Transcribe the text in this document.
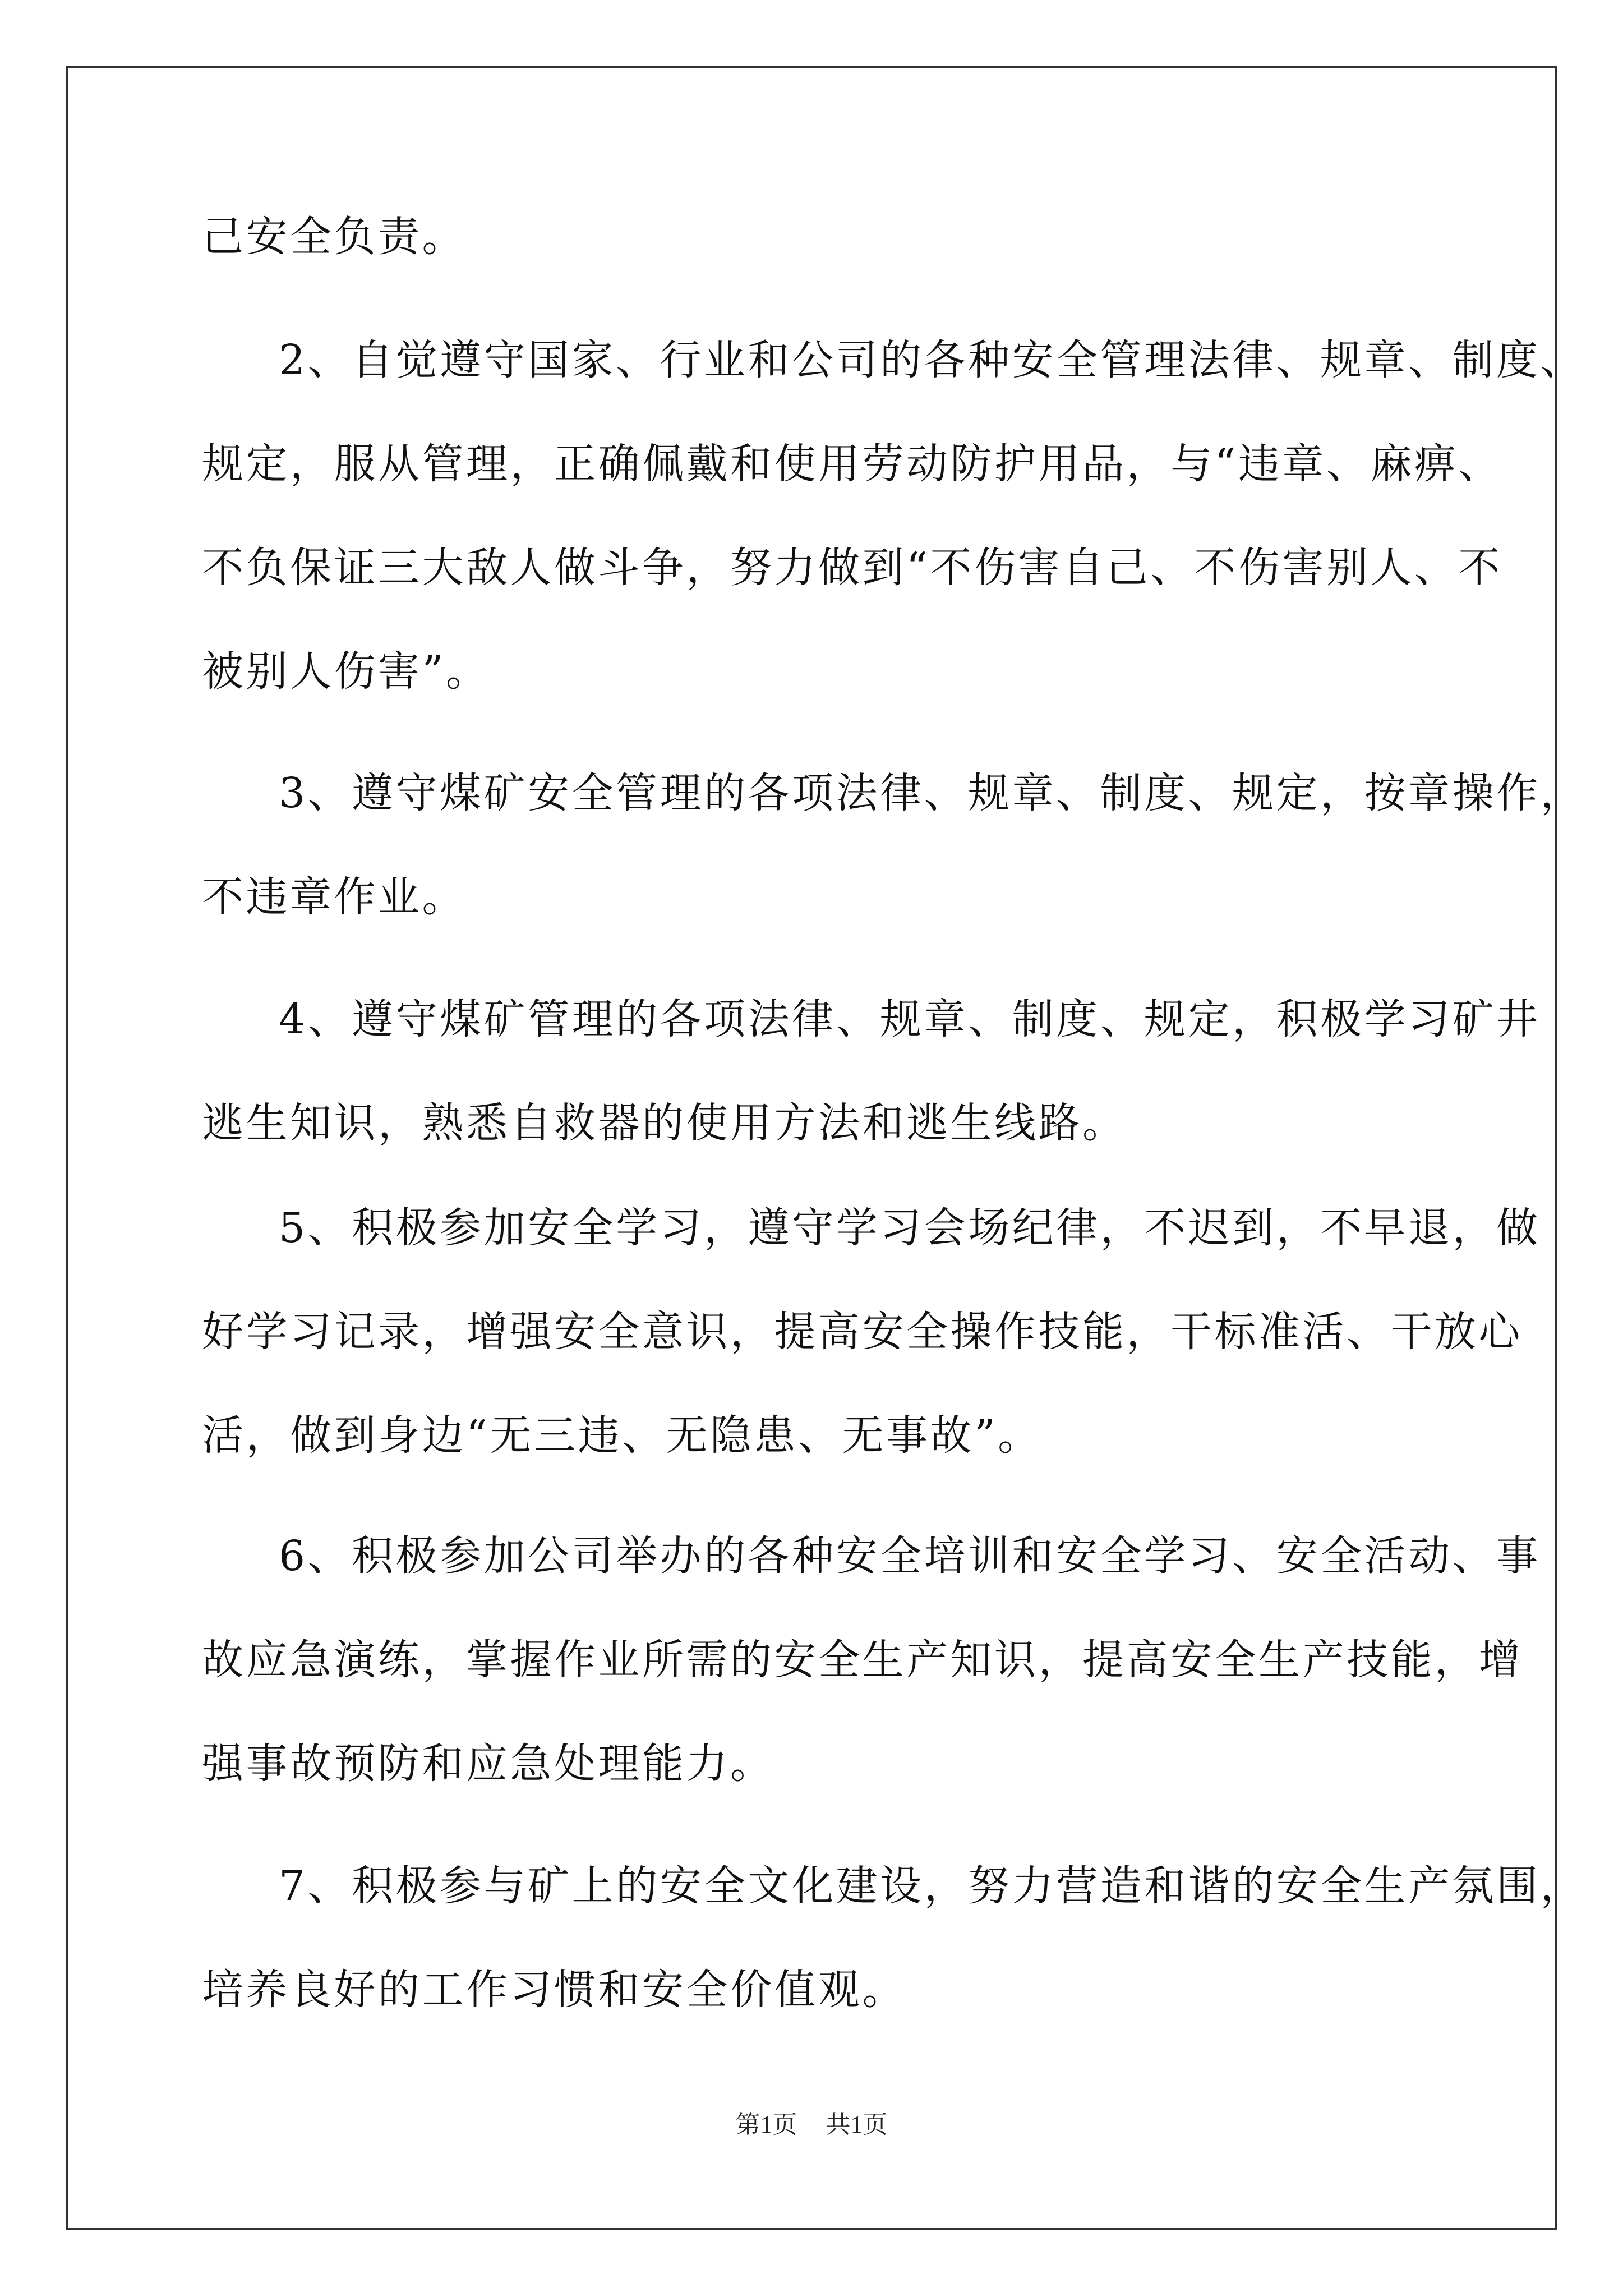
己安全负责。

2、自觉遵守国家、行业和公司的各种安全管理法律、规章、制度、

规定，服从管理，正确佩戴和使用劳动防护用品，与“违章、麻痹、

不负保证三大敌人做斗争，努力做到“不伤害自己、不伤害别人、不

被别人伤害”。

3、遵守煤矿安全管理的各项法律、规章、制度、规定，按章操作，

不违章作业。

4、遵守煤矿管理的各项法律、规章、制度、规定，积极学习矿井

逃生知识，熟悉自救器的使用方法和逃生线路。

5、积极参加安全学习，遵守学习会场纪律，不迟到，不早退，做

好学习记录，增强安全意识，提高安全操作技能，干标准活、干放心

活，做到身边“无三违、无隐患、无事故”。

6、积极参加公司举办的各种安全培训和安全学习、安全活动、事

故应急演练，掌握作业所需的安全生产知识，提高安全生产技能，增

强事故预防和应急处理能力。

7、积极参与矿上的安全文化建设，努力营造和谐的安全生产氛围，

培养良好的工作习惯和安全价值观。

第1页 共1页
